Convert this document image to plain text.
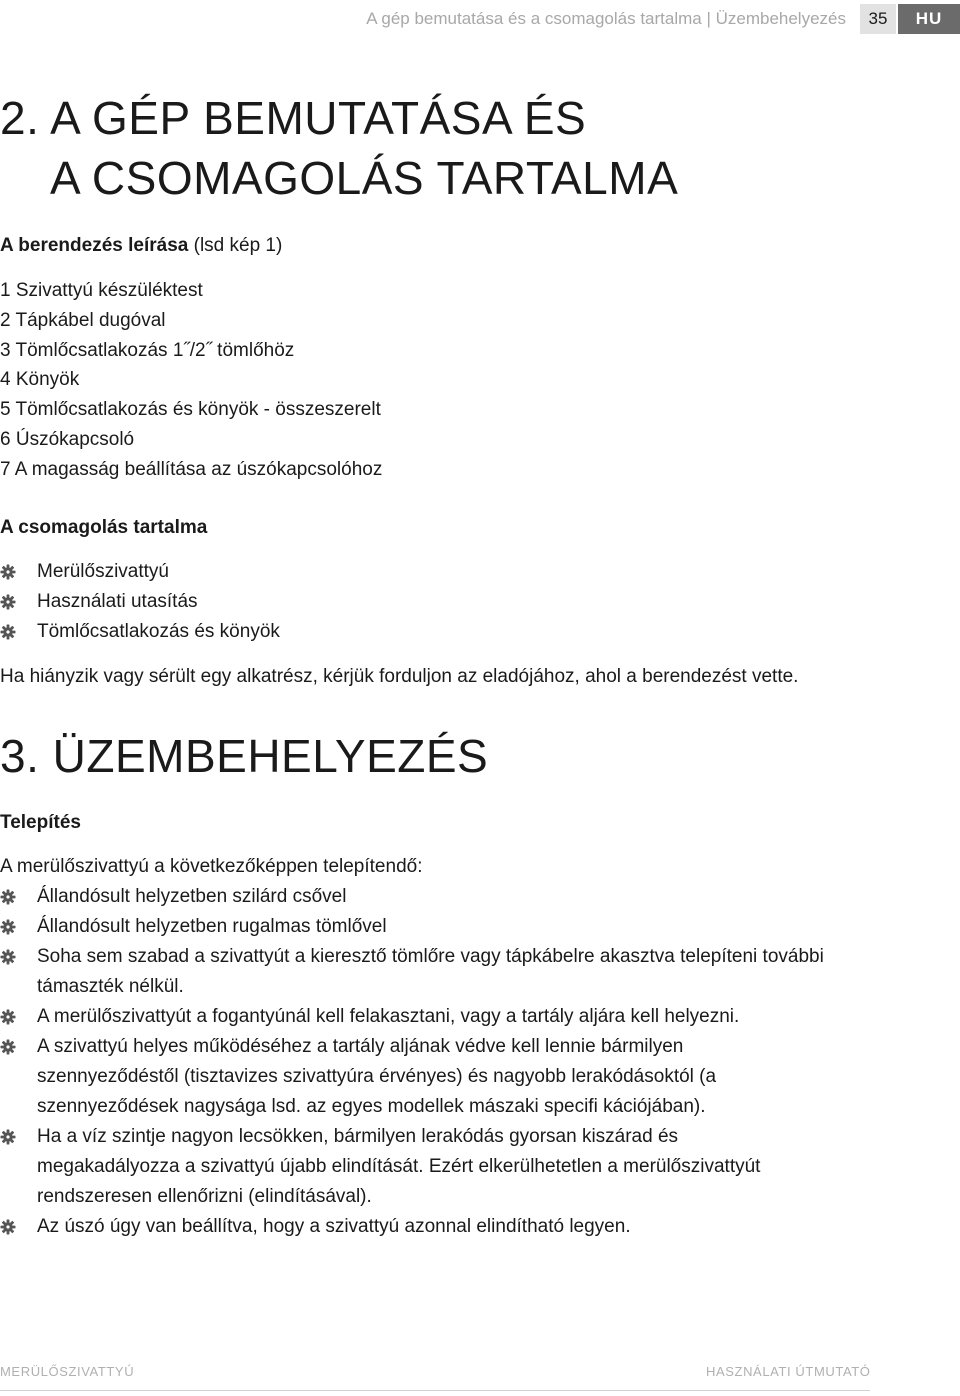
A gép bemutatása és a csomagolás tartalma | Üzembehelyezés	35	HU
2. A GÉP BEMUTATÁSA ÉS
A CSOMAGOLÁS TARTALMA
A berendezés leírása (lsd kép 1)
1 Szivattyú készüléktest
2 Tápkábel dugóval
3 Tömlőcsatlakozás 1˝/2˝ tömlőhöz
4 Könyök
5 Tömlőcsatlakozás és könyök - összeszerelt
6 Úszókapcsoló
7 A magasság beállítása az úszókapcsolóhoz
A csomagolás tartalma
Merülőszivattyú
Használati utasítás
Tömlőcsatlakozás és könyök
Ha hiányzik vagy sérült egy alkatrész, kérjük forduljon az eladójához, ahol a berendezést vette.
3. ÜZEMBEHELYEZÉS
Telepítés
A merülőszivattyú a következőképpen telepítendő:
Állandósult helyzetben szilárd csővel
Állandósult helyzetben rugalmas tömlővel
Soha sem szabad a szivattyút a kieresztő tömlőre vagy tápkábelre akasztva telepíteni további
támaszték nélkül.
A merülőszivattyút a fogantyúnál kell felakasztani, vagy a tartály aljára kell helyezni.
A szivattyú helyes működéséhez a tartály aljának védve kell lennie bármilyen
szennyeződéstől (tisztavizes szivattyúra érvényes) és nagyobb lerakódásoktól (a
szennyeződések nagysága lsd. az egyes modellek mászaki specifi kációjában).
Ha a víz szintje nagyon lecsökken, bármilyen lerakódás gyorsan kiszárad és
megakadályozza a szivattyú újabb elindítását. Ezért elkerülhetetlen a merülőszivattyút
rendszeresen ellenőrizni (elindításával).
Az úszó úgy van beállítva, hogy a szivattyú azonnal elindítható legyen.
MERÜLŐSZIVATTYÚ	HASZNÁLATI ÚTMUTATÓ
